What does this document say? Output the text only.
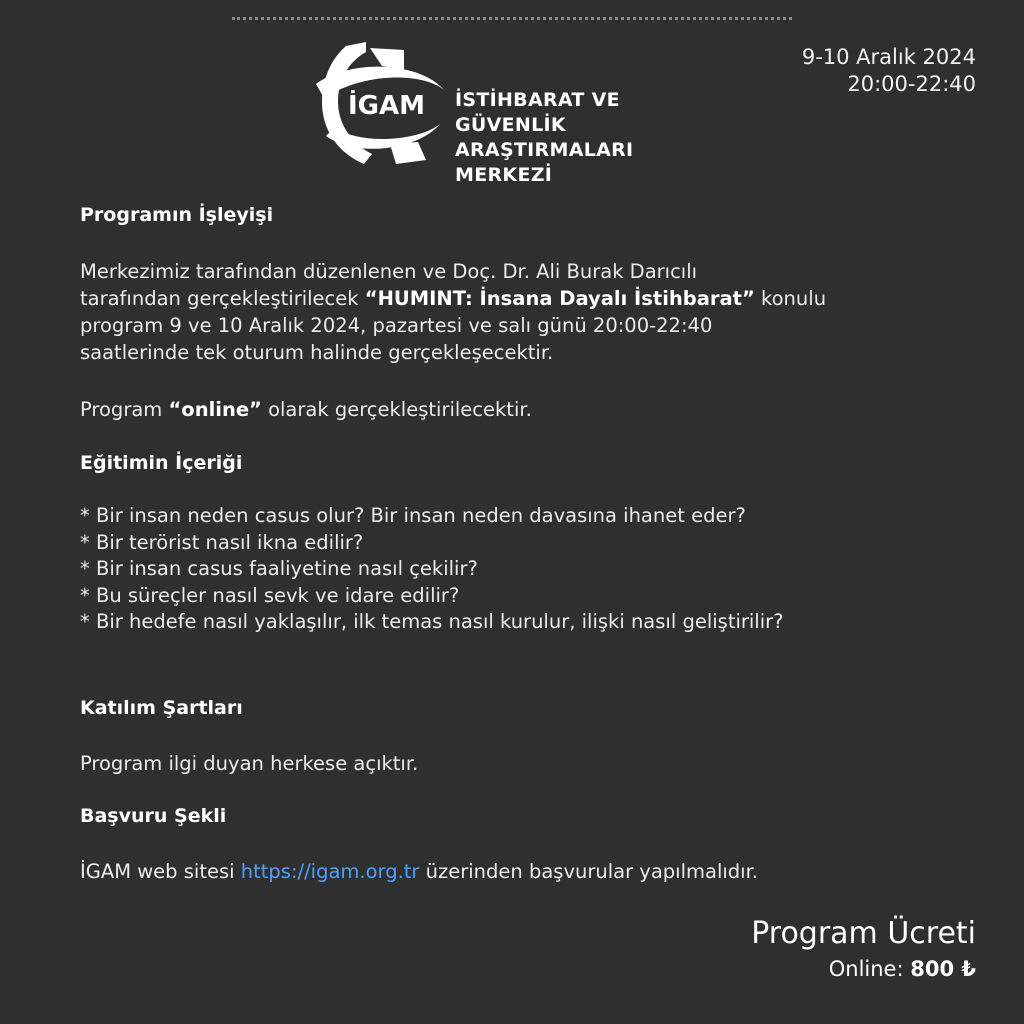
İGAM İSTİHBARAT VE GÜVENLİK
ARAŞTIRMALARI MERKEZİ
9-10 Aralık 2024
20:00-22:40
Programın İşleyişi
Merkezimiz tarafından düzenlenen ve Doç. Dr. Ali Burak Darıcılı
tarafından gerçekleştirilecek “HUMINT: İnsana Dayalı İstihbarat” konulu
program 9 ve 10 Aralık 2024, pazartesi ve salı günü 20:00-22:40
saatlerinde tek oturum halinde gerçekleşecektir.
Program “online” olarak gerçekleştirilecektir.
Eğitimin İçeriği
* Bir insan neden casus olur? Bir insan neden davasına ihanet eder?
* Bir terörist nasıl ikna edilir?
* Bir insan casus faaliyetine nasıl çekilir?
* Bu süreçler nasıl sevk ve idare edilir?
* Bir hedefe nasıl yaklaşılır, ilk temas nasıl kurulur, ilişki nasıl geliştirilir?
Katılım Şartları
Program ilgi duyan herkese açıktır.
Başvuru Şekli
İGAM web sitesi https://igam.org.tr üzerinden başvurular yapılmalıdır.
Program Ücreti
Online: 800 ₺
